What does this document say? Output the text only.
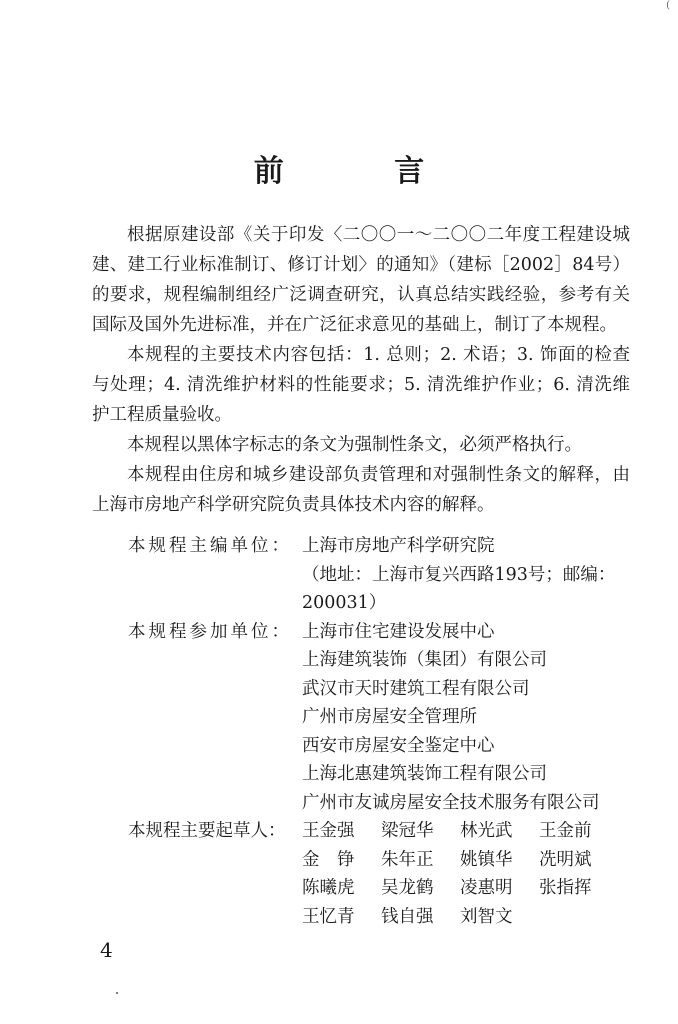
(
前 言

根据原建设部《关于印发〈二〇〇一～二〇〇二年度工程建设城建、建工行业标准制订、修订计划〉的通知》（建标［2002］84号）的要求，规程编制组经广泛调查研究，认真总结实践经验，参考有关国际及国外先进标准，并在广泛征求意见的基础上，制订了本规程。

本规程的主要技术内容包括：1. 总则；2. 术语；3. 饰面的检查与处理；4. 清洗维护材料的性能要求；5. 清洗维护作业；6. 清洗维护工程质量验收。

本规程以黑体字标志的条文为强制性条文，必须严格执行。

本规程由住房和城乡建设部负责管理和对强制性条文的解释，由上海市房地产科学研究院负责具体技术内容的解释。

本规程主编单位： 上海市房地产科学研究院
（地址：上海市复兴西路193号；邮编：
200031）
本规程参加单位： 上海市住宅建设发展中心
上海建筑装饰（集团）有限公司
武汉市天时建筑工程有限公司
广州市房屋安全管理所
西安市房屋安全鉴定中心
上海北惠建筑装饰工程有限公司
广州市友诚房屋安全技术服务有限公司
本规程主要起草人： 王金强	梁冠华	林光武	王金前
金　铮	朱年正	姚镇华	冼明斌
陈曦虎	吴龙鹤	凌惠明	张指挥
王忆青	钱自强	刘智文
4
